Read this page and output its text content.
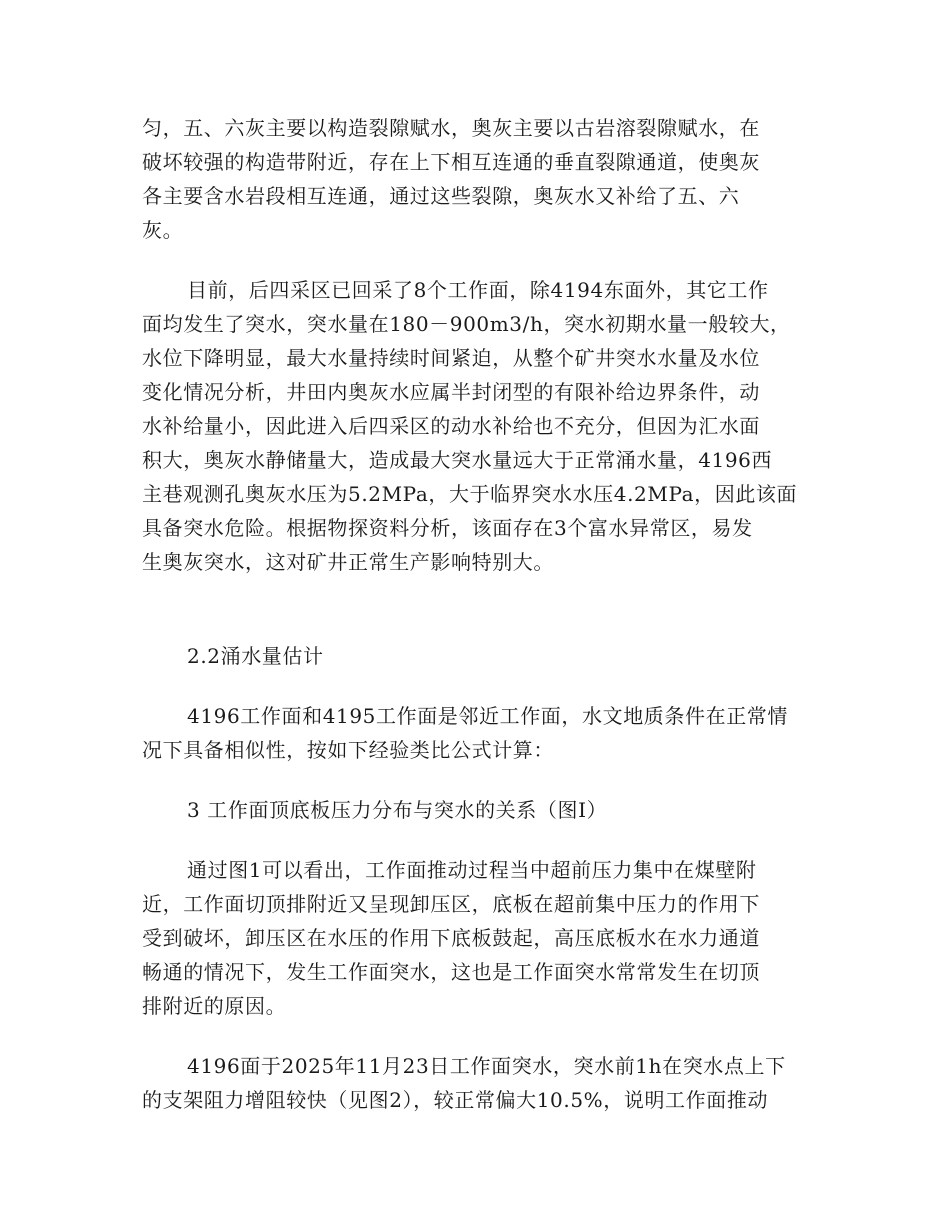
匀，五、六灰主要以构造裂隙赋水，奥灰主要以古岩溶裂隙赋水，在
破坏较强的构造带附近，存在上下相互连通的垂直裂隙通道，使奥灰
各主要含水岩段相互连通，通过这些裂隙，奥灰水又补给了五、六
灰。
目前，后四采区已回采了8个工作面，除4194东面外，其它工作
面均发生了突水，突水量在180－900m3/h，突水初期水量一般较大，
水位下降明显，最大水量持续时间紧迫，从整个矿井突水水量及水位
变化情况分析，井田内奥灰水应属半封闭型的有限补给边界条件，动
水补给量小，因此进入后四采区的动水补给也不充分，但因为汇水面
积大，奥灰水静储量大，造成最大突水量远大于正常涌水量，4196西
主巷观测孔奥灰水压为5.2MPa，大于临界突水水压4.2MPa，因此该面
具备突水危险。根据物探资料分析，该面存在3个富水异常区，易发
生奥灰突水，这对矿井正常生产影响特别大。
2.2涌水量估计
4196工作面和4195工作面是邻近工作面，水文地质条件在正常情
况下具备相似性，按如下经验类比公式计算：
3 工作面顶底板压力分布与突水的关系（图I）
通过图1可以看出，工作面推动过程当中超前压力集中在煤壁附
近，工作面切顶排附近又呈现卸压区，底板在超前集中压力的作用下
受到破坏，卸压区在水压的作用下底板鼓起，高压底板水在水力通道
畅通的情况下，发生工作面突水，这也是工作面突水常常发生在切顶
排附近的原因。
4196面于2025年11月23日工作面突水，突水前1h在突水点上下
的支架阻力增阻较快（见图2），较正常偏大10.5%，说明工作面推动
